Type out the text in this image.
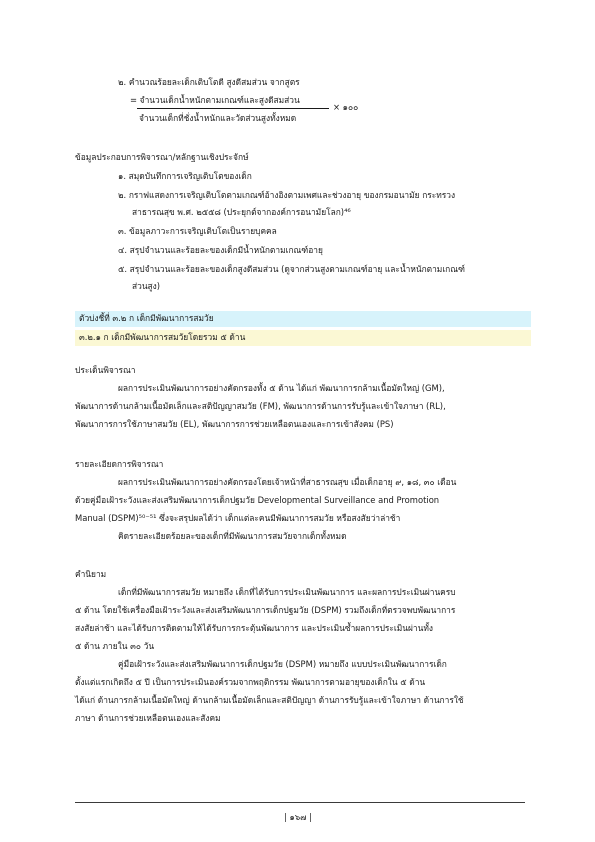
๒. คำนวณร้อยละเด็กเติบโตดี สูงดีสมส่วน จากสูตร
= จำนวนเด็กน้ำหนักตามเกณฑ์และสูงดีสมส่วน
× ๑๐๐
จำนวนเด็กที่ชั่งน้ำหนักและวัดส่วนสูงทั้งหมด
ข้อมูลประกอบการพิจารณา/หลักฐานเชิงประจักษ์
๑. สมุดบันทึกการเจริญเติบโตของเด็ก
๒. กราฟแสดงการเจริญเติบโตตามเกณฑ์อ้างอิงตามเพศและช่วงอายุ ของกรมอนามัย กระทรวง
สาธารณสุข พ.ศ. ๒๕๕๘ (ประยุกต์จากองค์การอนามัยโลก)⁴⁶
๓. ข้อมูลภาวะการเจริญเติบโตเป็นรายบุคคล
๔. สรุปจำนวนและร้อยละของเด็กมีน้ำหนักตามเกณฑ์อายุ
๕. สรุปจำนวนและร้อยละของเด็กสูงดีสมส่วน (ดูจากส่วนสูงตามเกณฑ์อายุ และน้ำหนักตามเกณฑ์
ส่วนสูง)
ตัวบ่งชี้ที่ ๓.๒ ก เด็กมีพัฒนาการสมวัย
๓.๒.๑ ก เด็กมีพัฒนาการสมวัยโดยรวม ๕ ด้าน
ประเด็นพิจารณา
ผลการประเมินพัฒนาการอย่างคัดกรองทั้ง ๕ ด้าน ได้แก่ พัฒนาการกล้ามเนื้อมัดใหญ่ (GM),
พัฒนาการด้านกล้ามเนื้อมัดเล็กและสติปัญญาสมวัย (FM), พัฒนาการด้านการรับรู้และเข้าใจภาษา (RL),
พัฒนาการการใช้ภาษาสมวัย (EL), พัฒนาการการช่วยเหลือตนเองและการเข้าสังคม (PS)
รายละเอียดการพิจารณา
ผลการประเมินพัฒนาการอย่างคัดกรองโดยเจ้าหน้าที่สาธารณสุข เมื่อเด็กอายุ ๙, ๑๘, ๓๐ เดือน
ด้วยคู่มือเฝ้าระวังและส่งเสริมพัฒนาการเด็กปฐมวัย Developmental Surveillance and Promotion
Manual (DSPM)⁵⁰⁻⁵¹ ซึ่งจะสรุปผลได้ว่า เด็กแต่ละคนมีพัฒนาการสมวัย หรือสงสัยว่าล่าช้า
คิดรายละเอียดร้อยละของเด็กที่มีพัฒนาการสมวัยจากเด็กทั้งหมด
คำนิยาม
เด็กที่มีพัฒนาการสมวัย หมายถึง เด็กที่ได้รับการประเมินพัฒนาการ และผลการประเมินผ่านครบ
๕ ด้าน โดยใช้เครื่องมือเฝ้าระวังและส่งเสริมพัฒนาการเด็กปฐมวัย (DSPM) รวมถึงเด็กที่ตรวจพบพัฒนาการ
สงสัยล่าช้า และได้รับการติดตามให้ได้รับการกระตุ้นพัฒนาการ และประเมินซ้ำผลการประเมินผ่านทั้ง
๕ ด้าน ภายใน ๓๐ วัน
คู่มือเฝ้าระวังและส่งเสริมพัฒนาการเด็กปฐมวัย (DSPM) หมายถึง แบบประเมินพัฒนาการเด็ก
ตั้งแต่แรกเกิดถึง ๕ ปี เป็นการประเมินองค์รวมจากพฤติกรรม พัฒนาการตามอายุของเด็กใน ๕ ด้าน
ได้แก่ ด้านการกล้ามเนื้อมัดใหญ่ ด้านกล้ามเนื้อมัดเล็กและสติปัญญา ด้านการรับรู้และเข้าใจภาษา ด้านการใช้
ภาษา ด้านการช่วยเหลือตนเองและสังคม
| ๑๖๗ |
